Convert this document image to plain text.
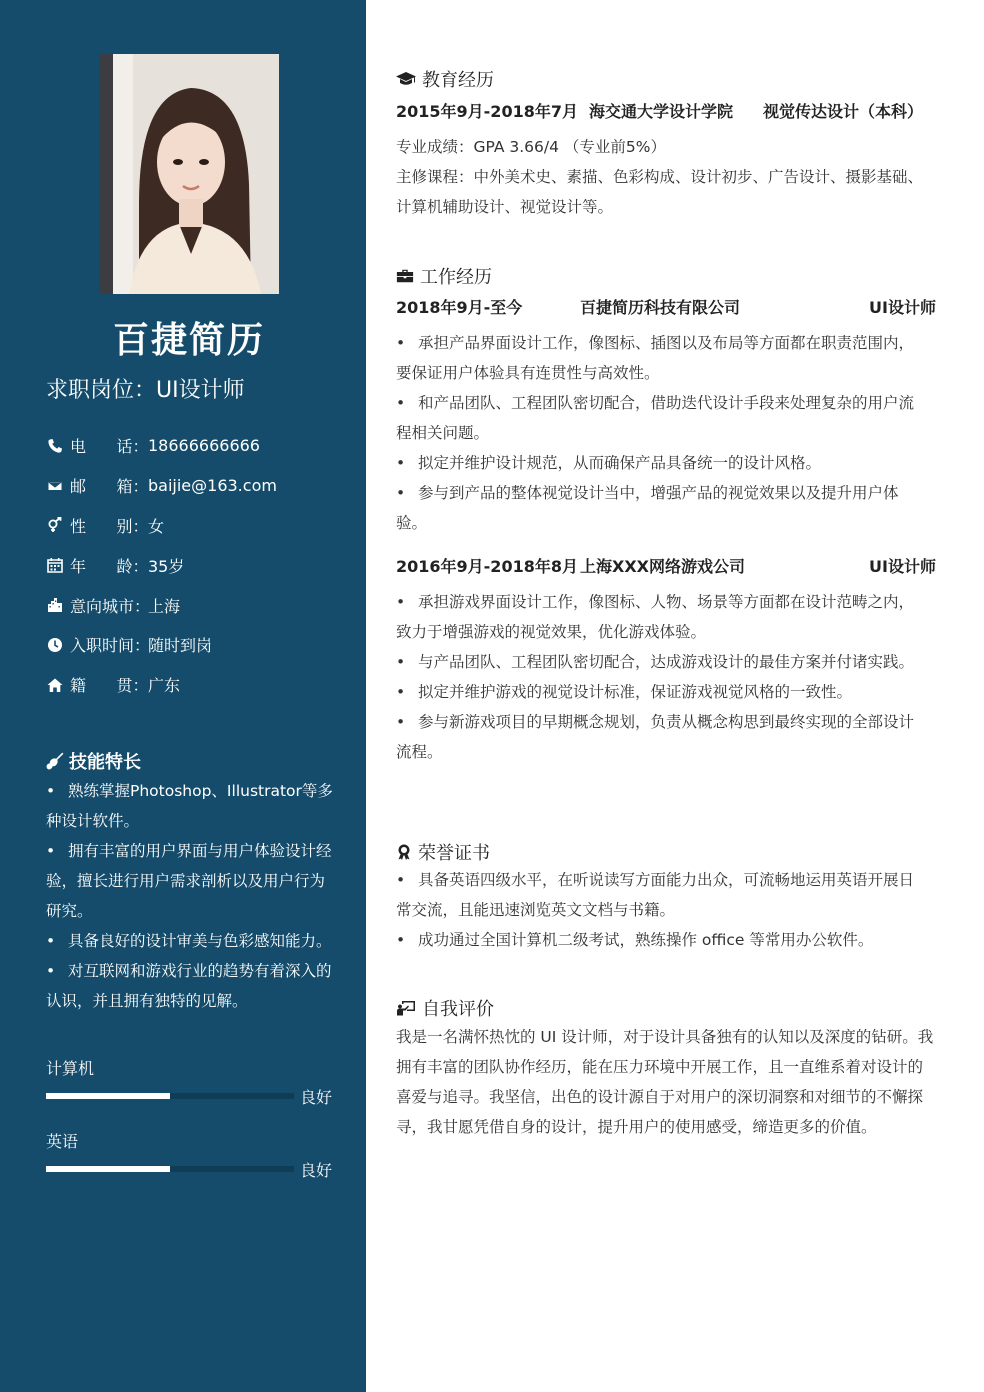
百捷简历
求职岗位：UI设计师
电      话： 18666666666
邮      箱： baijie@163.com
性      别： 女
年      龄： 35岁
意向城市：
上海
入职时间：
随时到岗
籍      贯： 广东
技能特长
• 熟练掌握Photoshop、Illustrator等多种设计软件。
• 拥有丰富的用户界面与用户体验设计经验，擅长进行用户需求剖析以及用户行为研究。
• 具备良好的设计审美与色彩感知能力。
• 对互联网和游戏行业的趋势有着深入的认识，并且拥有独特的见解。
计算机
良好
英语
良好
教育经历
2015年9月-2018年7月 海交通大学设计学院 视觉传达设计（本科）
专业成绩：GPA 3.66/4 （专业前5%）
主修课程：中外美术史、素描、色彩构成、设计初步、广告设计、摄影基础、计算机辅助设计、视觉设计等。
工作经历
2018年9月-至今	百捷简历科技有限公司	UI设计师
• 承担产品界面设计工作，像图标、插图以及布局等方面都在职责范围内，要保证用户体验具有连贯性与高效性。
• 和产品团队、工程团队密切配合，借助迭代设计手段来处理复杂的用户流程相关问题。
• 拟定并维护设计规范，从而确保产品具备统一的设计风格。
• 参与到产品的整体视觉设计当中，增强产品的视觉效果以及提升用户体验。
2016年9月-2018年8月 上海XXX网络游戏公司	UI设计师
• 承担游戏界面设计工作，像图标、人物、场景等方面都在设计范畴之内，致力于增强游戏的视觉效果，优化游戏体验。
• 与产品团队、工程团队密切配合，达成游戏设计的最佳方案并付诸实践。
• 拟定并维护游戏的视觉设计标准，保证游戏视觉风格的一致性。
• 参与新游戏项目的早期概念规划，负责从概念构思到最终实现的全部设计流程。
荣誉证书
• 具备英语四级水平，在听说读写方面能力出众，可流畅地运用英语开展日常交流，且能迅速浏览英文文档与书籍。
• 成功通过全国计算机二级考试，熟练操作 office 等常用办公软件。
自我评价
我是一名满怀热忱的 UI 设计师，对于设计具备独有的认知以及深度的钻研。我拥有丰富的团队协作经历，能在压力环境中开展工作，且一直维系着对设计的喜爱与追寻。我坚信，出色的设计源自于对用户的深切洞察和对细节的不懈探寻，我甘愿凭借自身的设计，提升用户的使用感受，缔造更多的价值。
